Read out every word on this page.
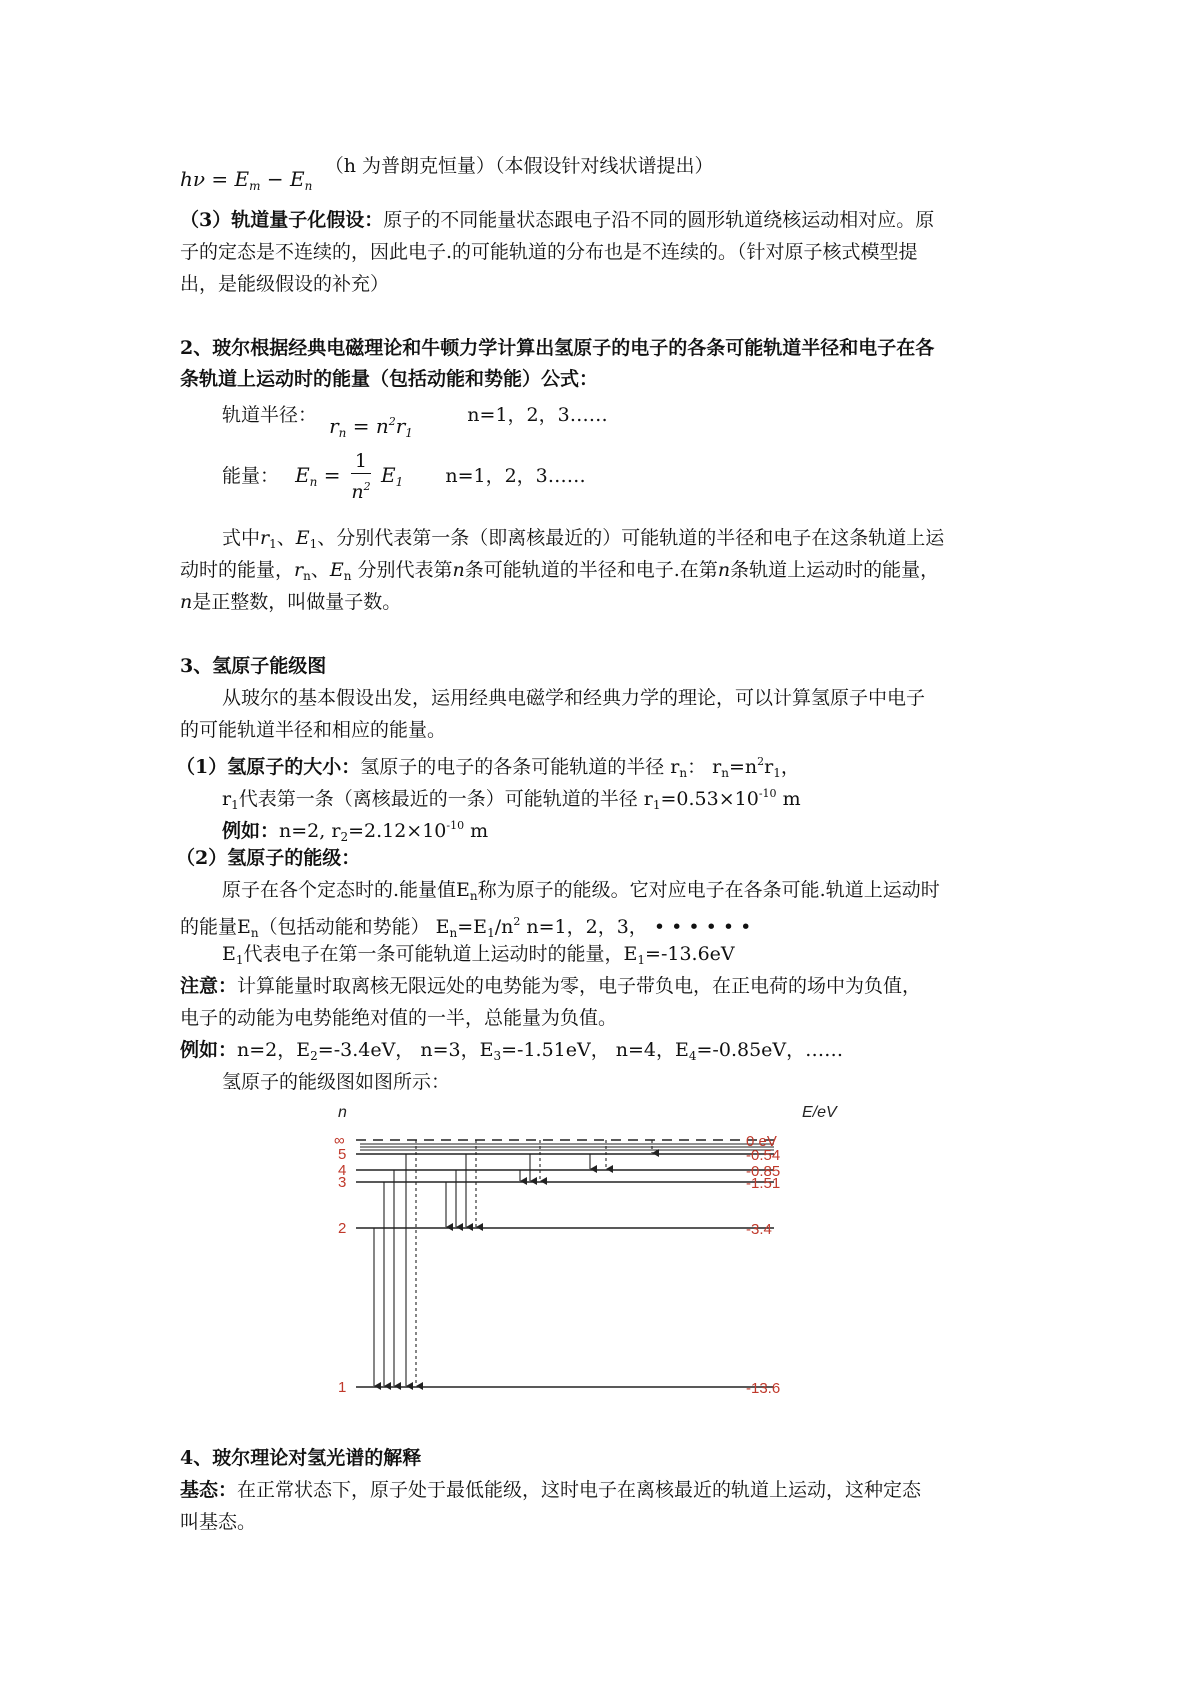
$h\nu = E_m - E_n$ （h 为普朗克恒量）（本假设针对线状谱提出）
（3）轨道量子化假设：原子的不同能量状态跟电子沿不同的圆形轨道绕核运动相对应。原
子的定态是不连续的，因此电子.的可能轨道的分布也是不连续的。（针对原子核式模型提
出，是能级假设的补充）
2、玻尔根据经典电磁理论和牛顿力学计算出氢原子的电子的各条可能轨道半径和电子在各
条轨道上运动时的能量（包括动能和势能）公式：
轨道半径： $r_n = n^2r_1$ n=1，2，3……
能量： $E_n = \frac{1}{n^2} E_1$ n=1，2，3……
式中$r_1$、$E_1$、分别代表第一条（即离核最近的）可能轨道的半径和电子在这条轨道上运
动时的能量，$r_n$、$E_n$ 分别代表第n条可能轨道的半径和电子.在第n条轨道上运动时的能量，
n是正整数，叫做量子数。
3、氢原子能级图
从玻尔的基本假设出发，运用经典电磁学和经典力学的理论，可以计算氢原子中电子
的可能轨道半径和相应的能量。
（1）氢原子的大小：氢原子的电子的各条可能轨道的半径 $r_n$： $r_n=n^2r_1$，
$r_1$代表第一条（离核最近的一条）可能轨道的半径 $r_1=0.53\times 10^{-10}$ m
例如：n=2, $r_2=2.12\times 10^{-10}$ m
（2）氢原子的能级：
原子在各个定态时的.能量值$E_n$称为原子的能级。它对应电子在各条可能.轨道上运动时
的能量$E_n$（包括动能和势能） $E_n=E_1/n^2$ n=1，2，3， • • • • • •
$E_1$代表电子在第一条可能轨道上运动时的能量，$E_1=-13.6eV$
注意：计算能量时取离核无限远处的电势能为零，电子带负电，在正电荷的场中为负值，
电子的动能为电势能绝对值的一半，总能量为负值。
例如：n=2，$E_2=-3.4eV$， n=3，$E_3=-1.51eV$， n=4，$E_4=-0.85eV$，……
氢原子的能级图如图所示：
n	E/eV
∞	0 eV
5	-0.54
4	-0.85
3	-1.51
2	-3.4
1	-13.6
4、玻尔理论对氢光谱的解释
基态：在正常状态下，原子处于最低能级，这时电子在离核最近的轨道上运动，这种定态
叫基态。
